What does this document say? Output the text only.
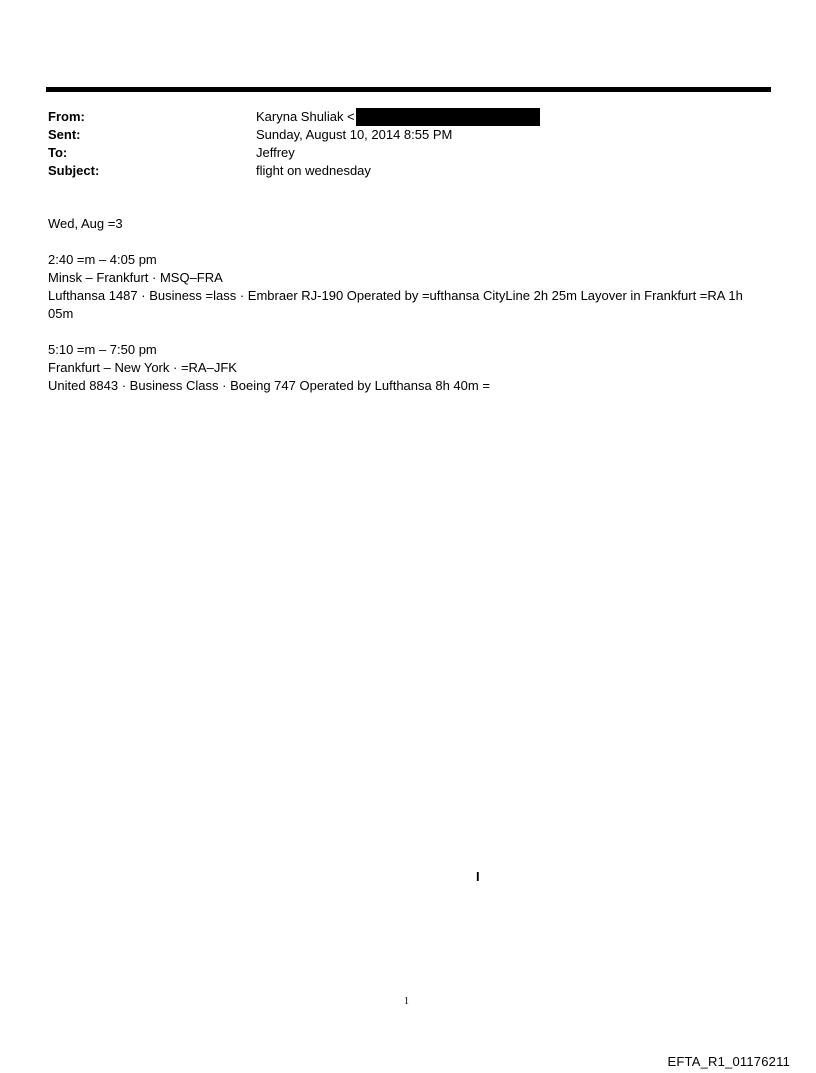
From:	Karyna Shuliak <
Sent:	Sunday, August 10, 2014 8:55 PM
To:	Jeffrey
Subject:	flight on wednesday
Wed, Aug =3
2:40 =m – 4:05 pm
Minsk – Frankfurt · MSQ–FRA
Lufthansa 1487 · Business =lass · Embraer RJ-190 Operated by =ufthansa CityLine 2h 25m Layover in Frankfurt =RA 1h
05m
5:10 =m – 7:50 pm
Frankfurt – New York · =RA–JFK
United 8843 · Business Class · Boeing 747 Operated by Lufthansa 8h 40m =
I
1
EFTA_R1_01176211
